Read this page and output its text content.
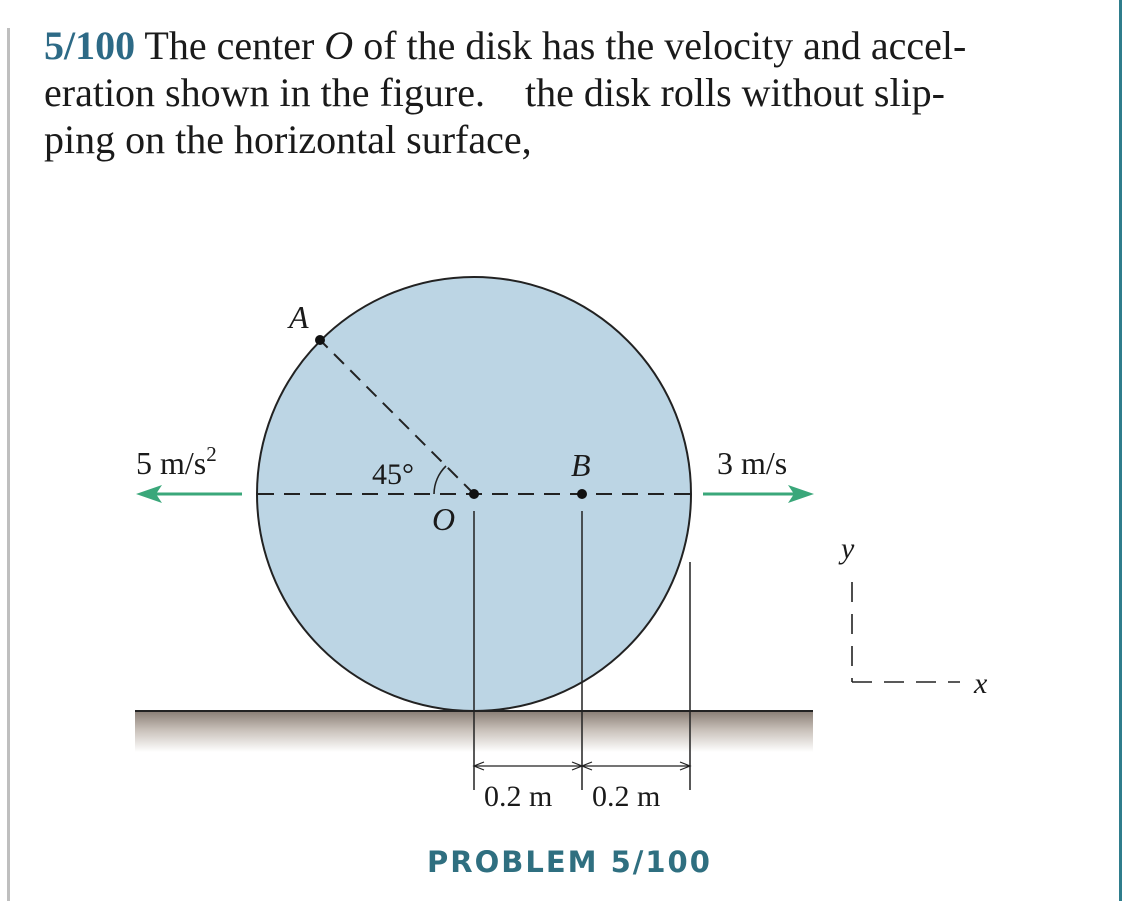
5/100 The center O of the disk has the velocity and accel-
eration shown in the figure.    the disk rolls without slip-
ping on the horizontal surface,
A
B
O
45°
5 $m/s^2$	3 m/s
y
x
0.2 m 0.2 m
PROBLEM 5/100
